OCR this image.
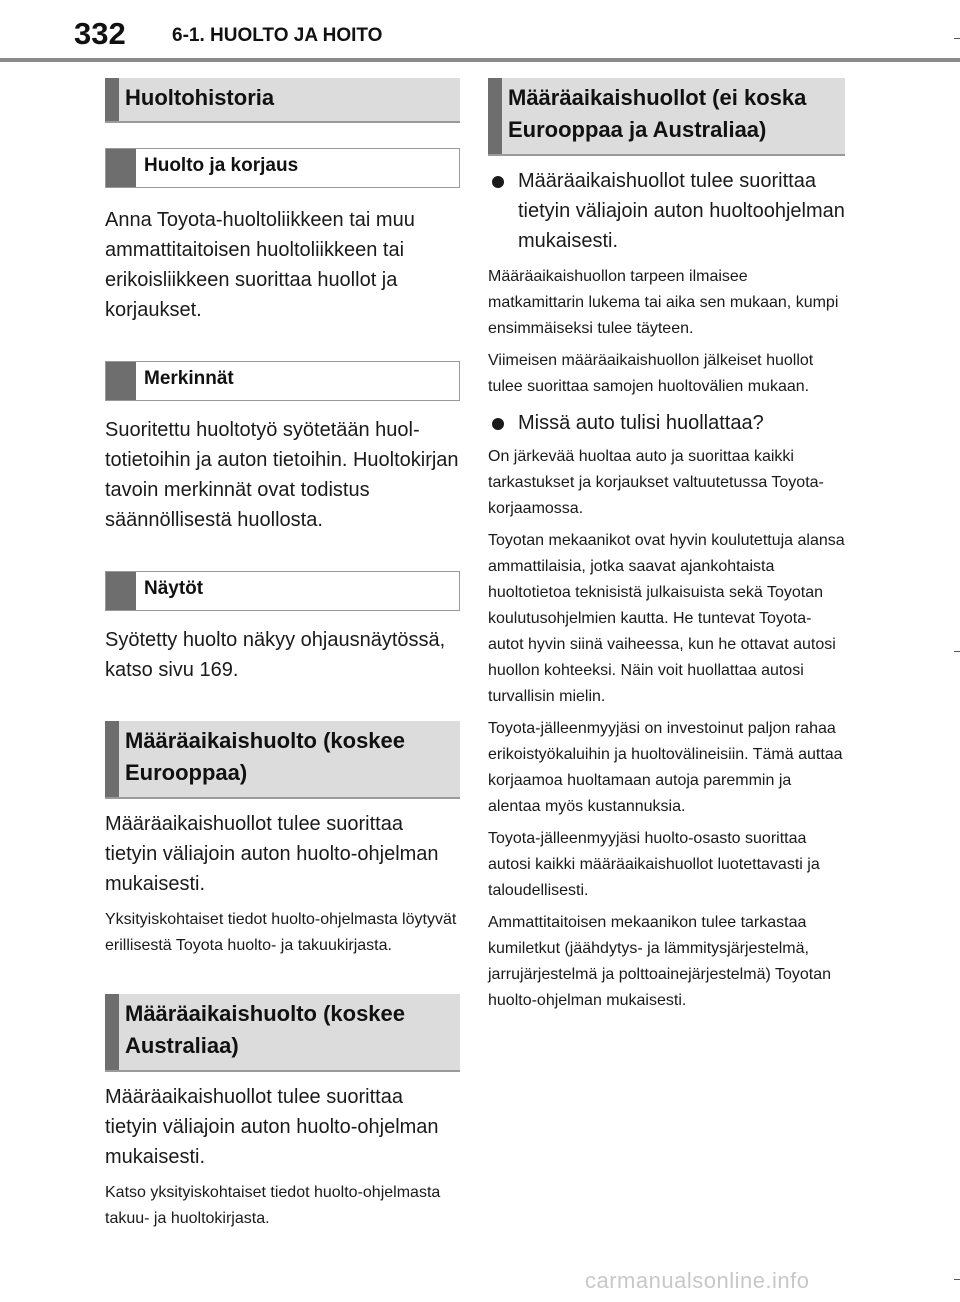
332 6-1. HUOLTO JA HOITO
Huoltohistoria
Huolto ja korjaus

Anna Toyota-huoltoliikkeen tai muu ammattitaitoisen huoltoliikkeen tai erikoisliikkeen suorittaa huollot ja korjaukset.

Merkinnät

Suoritettu huoltotyö syötetään huoltotietoihin ja auton tietoihin. Huoltokirjan tavoin merkinnät ovat todistus säännöllisestä huollosta.

Näytöt

Syötetty huolto näkyy ohjausnäytössä, katso sivu 169.

Määräaikaishuolto (koskee Eurooppaa)

Määräaikaishuollot tulee suorittaa tietyin väliajoin auton huolto-ohjelman mukaisesti.

Yksityiskohtaiset tiedot huolto-ohjelmasta löytyvät erillisestä Toyota huolto- ja takuukirjasta.

Määräaikaishuolto (koskee Australiaa)

Määräaikaishuollot tulee suorittaa tietyin väliajoin auton huolto-ohjelman mukaisesti.

Katso yksityiskohtaiset tiedot huolto-ohjelmasta takuu- ja huoltokirjasta.

Määräaikaishuollot (ei koska Eurooppaa ja Australiaa)

Määräaikaishuollot tulee suorittaa tietyin väliajoin auton huoltoohjelman mukaisesti.

Määräaikaishuollon tarpeen ilmaisee matkamittarin lukema tai aika sen mukaan, kumpi ensimmäiseksi tulee täyteen.

Viimeisen määräaikaishuollon jälkeiset huollot tulee suorittaa samojen huoltovälien mukaan.

Missä auto tulisi huollattaa?

On järkevää huoltaa auto ja suorittaa kaikki tarkastukset ja korjaukset valtuutetussa Toyota-korjaamossa.

Toyotan mekaanikot ovat hyvin koulutettuja alansa ammattilaisia, jotka saavat ajankohtaista huoltotietoa teknisistä julkaisuista sekä Toyotan koulutusohjelmien kautta. He tuntevat Toyota-autot hyvin siinä vaiheessa, kun he ottavat autosi huollon kohteeksi. Näin voit huollattaa autosi turvallisin mielin.

Toyota-jälleenmyyjäsi on investoinut paljon rahaa erikoistyökaluihin ja huoltovälineisiin. Tämä auttaa korjaamoa huoltamaan autoja paremmin ja alentaa myös kustannuksia.

Toyota-jälleenmyyjäsi huolto-osasto suorittaa autosi kaikki määräaikaishuollot luotettavasti ja taloudellisesti.

Ammattitaitoisen mekaanikon tulee tarkastaa kumiletkut (jäähdytys- ja lämmitysjärjestelmä, jarrujärjestelmä ja polttoainejärjestelmä) Toyotan huolto-ohjelman mukaisesti.

carmanualsonline.info
